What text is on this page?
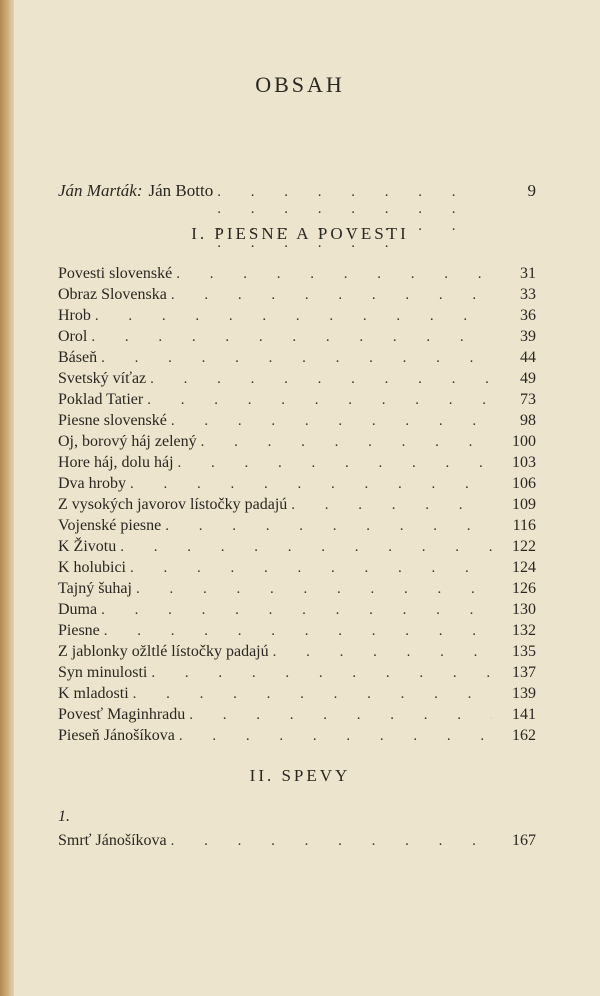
OBSAH
Ján Marták: Ján Botto . . .	9
I. PIESNE A POVESTI
Povesti slovenské . . .	31
Obraz Slovenska . . .	33
Hrob . . .	36
Orol . . .	39
Báseň . . .	44
Svetský víťaz . . .	49
Poklad Tatier . . .	73
Piesne slovenské . . .	98
Oj, borový háj zelený . . .	100
Hore háj, dolu háj . . .	103
Dva hroby . . .	106
Z vysokých javorov lístočky padajú . . .	109
Vojenské piesne . . .	116
K Životu . . .	122
K holubici . . .	124
Tajný šuhaj . . .	126
Duma . . .	130
Piesne . . .	132
Z jablonky ožltlé lístočky padajú . . .	135
Syn minulosti . . .	137
K mladosti . . .	139
Povesť Maginhradu . . .	141
Pieseň Jánošíkova . . .	162
II. SPEVY
1.
Smrť Jánošíkova . . .	167
